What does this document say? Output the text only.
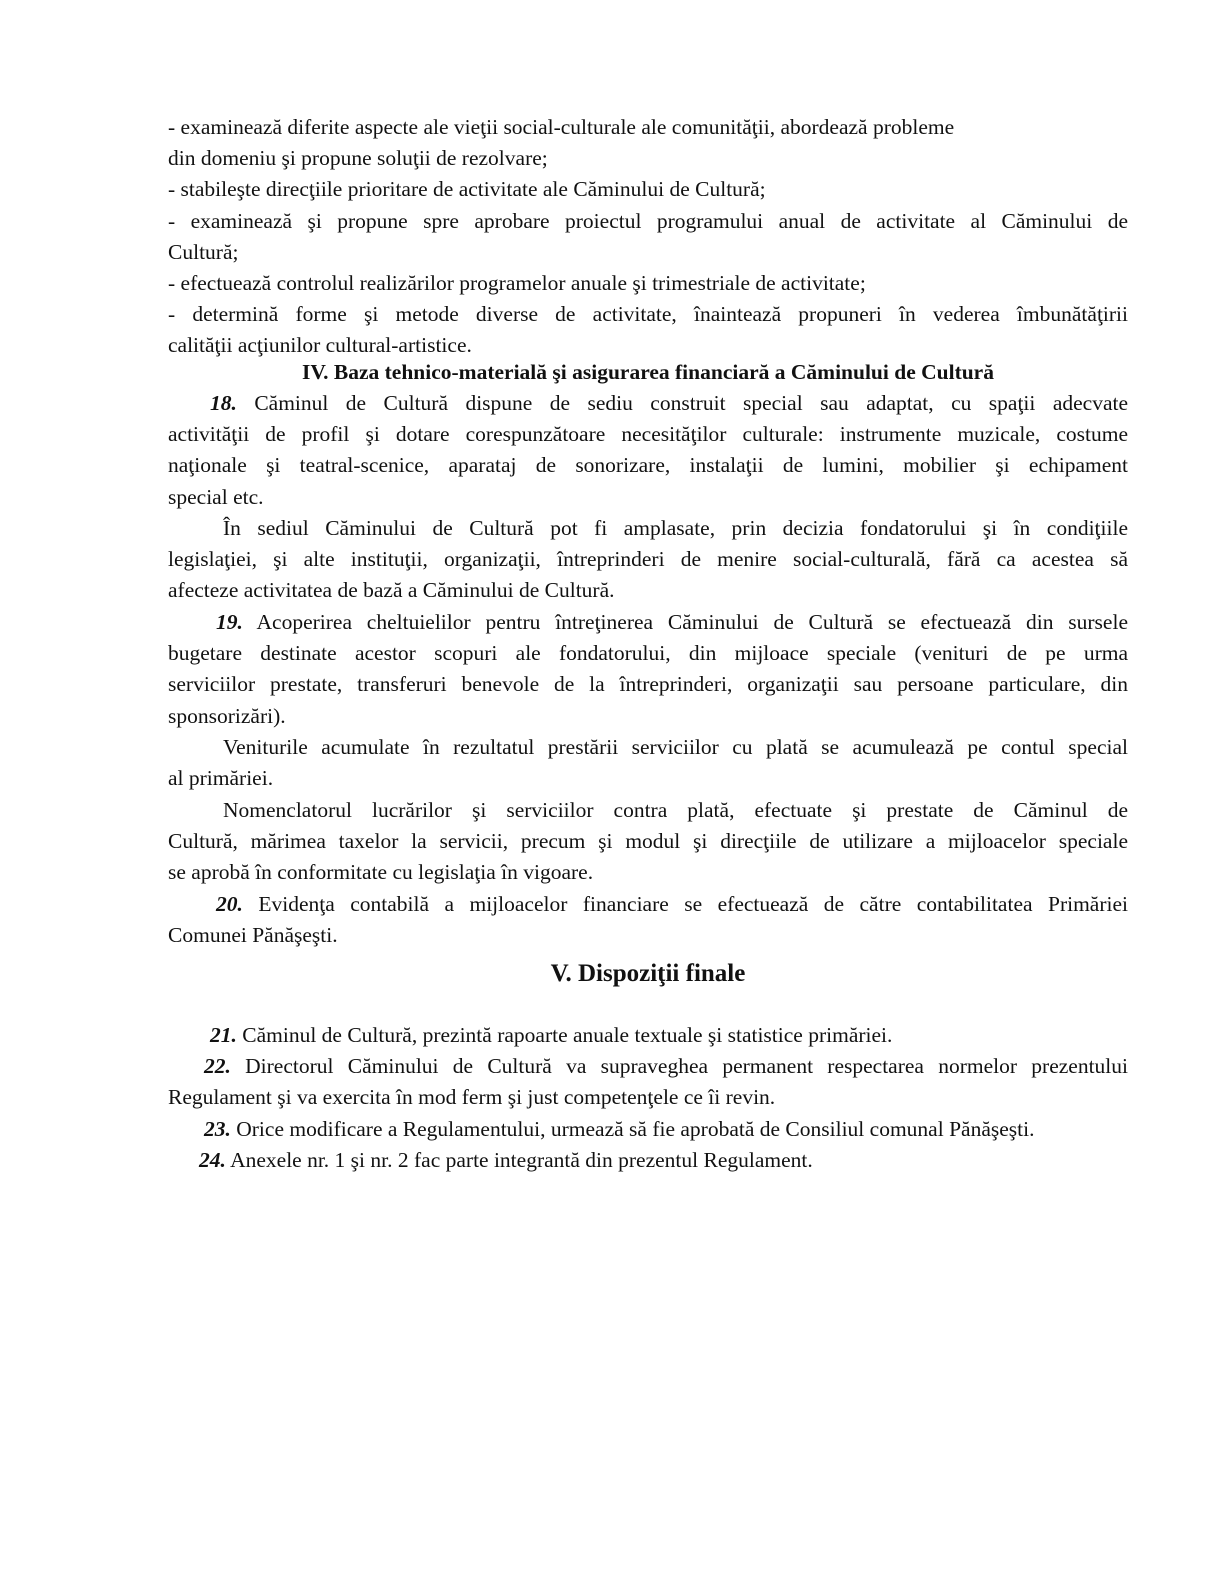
- examinează diferite aspecte ale vieţii social-culturale ale comunităţii, abordează probleme
din domeniu şi propune soluţii de rezolvare;
- stabileşte direcţiile prioritare de activitate ale Căminului de Cultură;
- examinează şi propune spre aprobare proiectul programului anual de activitate al Căminului de
Cultură;
- efectuează controlul realizărilor programelor anuale şi trimestriale de activitate;
- determină forme şi metode diverse de activitate, înaintează propuneri în vederea îmbunătăţirii
calităţii acţiunilor cultural-artistice.
IV. Baza tehnico-materială şi asigurarea financiară a Căminului de Cultură
18. Căminul de Cultură dispune de sediu construit special sau adaptat, cu spaţii adecvate
activităţii de profil şi dotare corespunzătoare necesităţilor culturale: instrumente muzicale, costume
naţionale şi teatral-scenice, aparataj de sonorizare, instalaţii de lumini, mobilier şi echipament
special etc.
În sediul Căminului de Cultură pot fi amplasate, prin decizia fondatorului şi în condiţiile
legislaţiei, şi alte instituţii, organizaţii, întreprinderi de menire social-culturală, fără ca acestea să
afecteze activitatea de bază a Căminului de Cultură.
19. Acoperirea cheltuielilor pentru întreţinerea Căminului de Cultură se efectuează din sursele
bugetare destinate acestor scopuri ale fondatorului, din mijloace speciale (venituri de pe urma
serviciilor prestate, transferuri benevole de la întreprinderi, organizaţii sau persoane particulare, din
sponsorizări).
Veniturile acumulate în rezultatul prestării serviciilor cu plată se acumulează pe contul special
al primăriei.
Nomenclatorul lucrărilor şi serviciilor contra plată, efectuate şi prestate de Căminul de
Cultură, mărimea taxelor la servicii, precum şi modul şi direcţiile de utilizare a mijloacelor speciale
se aprobă în conformitate cu legislaţia în vigoare.
20. Evidenţa contabilă a mijloacelor financiare se efectuează de către contabilitatea Primăriei
Comunei Pănăşeşti.
V. Dispoziţii finale
21. Căminul de Cultură, prezintă rapoarte anuale textuale şi statistice primăriei.
22. Directorul Căminului de Cultură va supraveghea permanent respectarea normelor prezentului
Regulament şi va exercita în mod ferm şi just competenţele ce îi revin.
23. Orice modificare a Regulamentului, urmează să fie aprobată de Consiliul comunal Pănăşeşti.
24. Anexele nr. 1 şi nr. 2 fac parte integrantă din prezentul Regulament.
